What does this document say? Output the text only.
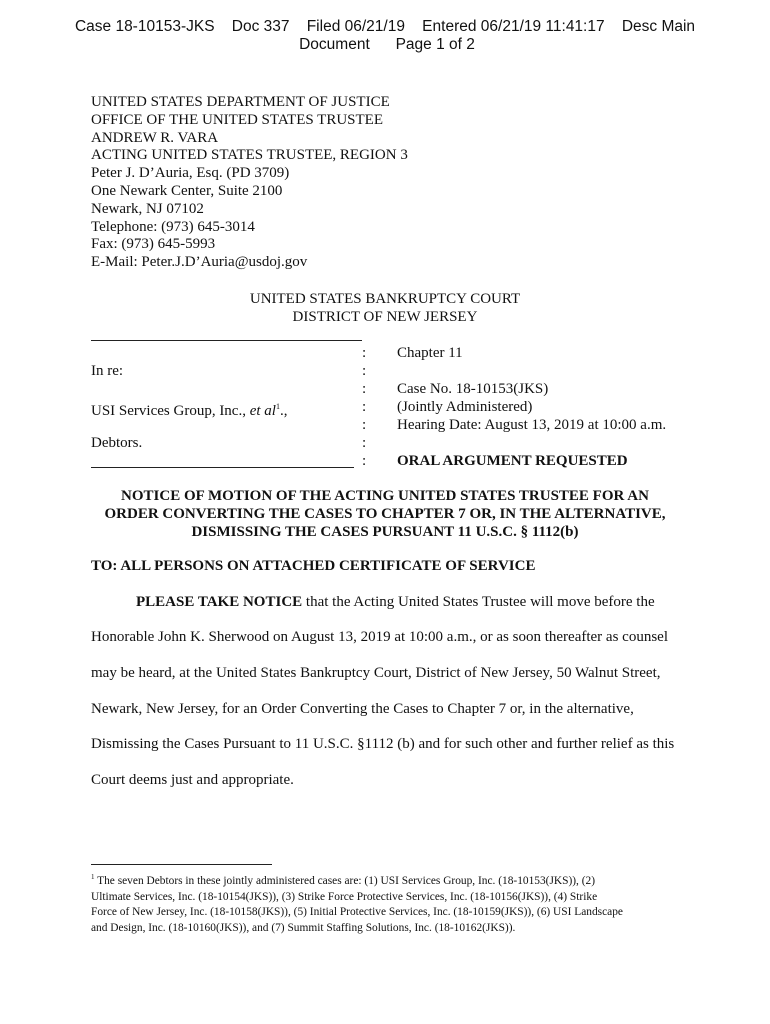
Case 18-10153-JKS    Doc 337    Filed 06/21/19    Entered 06/21/19 11:41:17    Desc Main
Document      Page 1 of 2
UNITED STATES DEPARTMENT OF JUSTICE
OFFICE OF THE UNITED STATES TRUSTEE
ANDREW R. VARA
ACTING UNITED STATES TRUSTEE, REGION 3
Peter J. D’Auria, Esq. (PD 3709)
One Newark Center, Suite 2100
Newark, NJ 07102
Telephone: (973) 645-3014
Fax: (973) 645-5993
E-Mail: Peter.J.D’Auria@usdoj.gov
UNITED STATES BANKRUPTCY COURT
DISTRICT OF NEW JERSEY
In re:
USI Services Group, Inc., et $al^1$.,
Debtors.
:
:
:
:
:
:
:
Chapter 11
Case No. 18-10153(JKS)
(Jointly Administered)
Hearing Date: August 13, 2019 at 10:00 a.m.
ORAL ARGUMENT REQUESTED
NOTICE OF MOTION OF THE ACTING UNITED STATES TRUSTEE FOR AN
ORDER CONVERTING THE CASES TO CHAPTER 7 OR, IN THE ALTERNATIVE,
DISMISSING THE CASES PURSUANT 11 U.S.C. § 1112(b)
TO: ALL PERSONS ON ATTACHED CERTIFICATE OF SERVICE
PLEASE TAKE NOTICE that the Acting United States Trustee will move before the
Honorable John K. Sherwood on August 13, 2019 at 10:00 a.m., or as soon thereafter as counsel
may be heard, at the United States Bankruptcy Court, District of New Jersey, 50 Walnut Street,
Newark, New Jersey, for an Order Converting the Cases to Chapter 7 or, in the alternative,
Dismissing the Cases Pursuant to 11 U.S.C. §1112 (b) and for such other and further relief as this
Court deems just and appropriate.
$^1$ The seven Debtors in these jointly administered cases are: (1) USI Services Group, Inc. (18-10153(JKS)), (2)
Ultimate Services, Inc. (18-10154(JKS)), (3) Strike Force Protective Services, Inc. (18-10156(JKS)), (4) Strike
Force of New Jersey, Inc. (18-10158(JKS)), (5) Initial Protective Services, Inc. (18-10159(JKS)), (6) USI Landscape
and Design, Inc. (18-10160(JKS)), and (7) Summit Staffing Solutions, Inc. (18-10162(JKS)).
